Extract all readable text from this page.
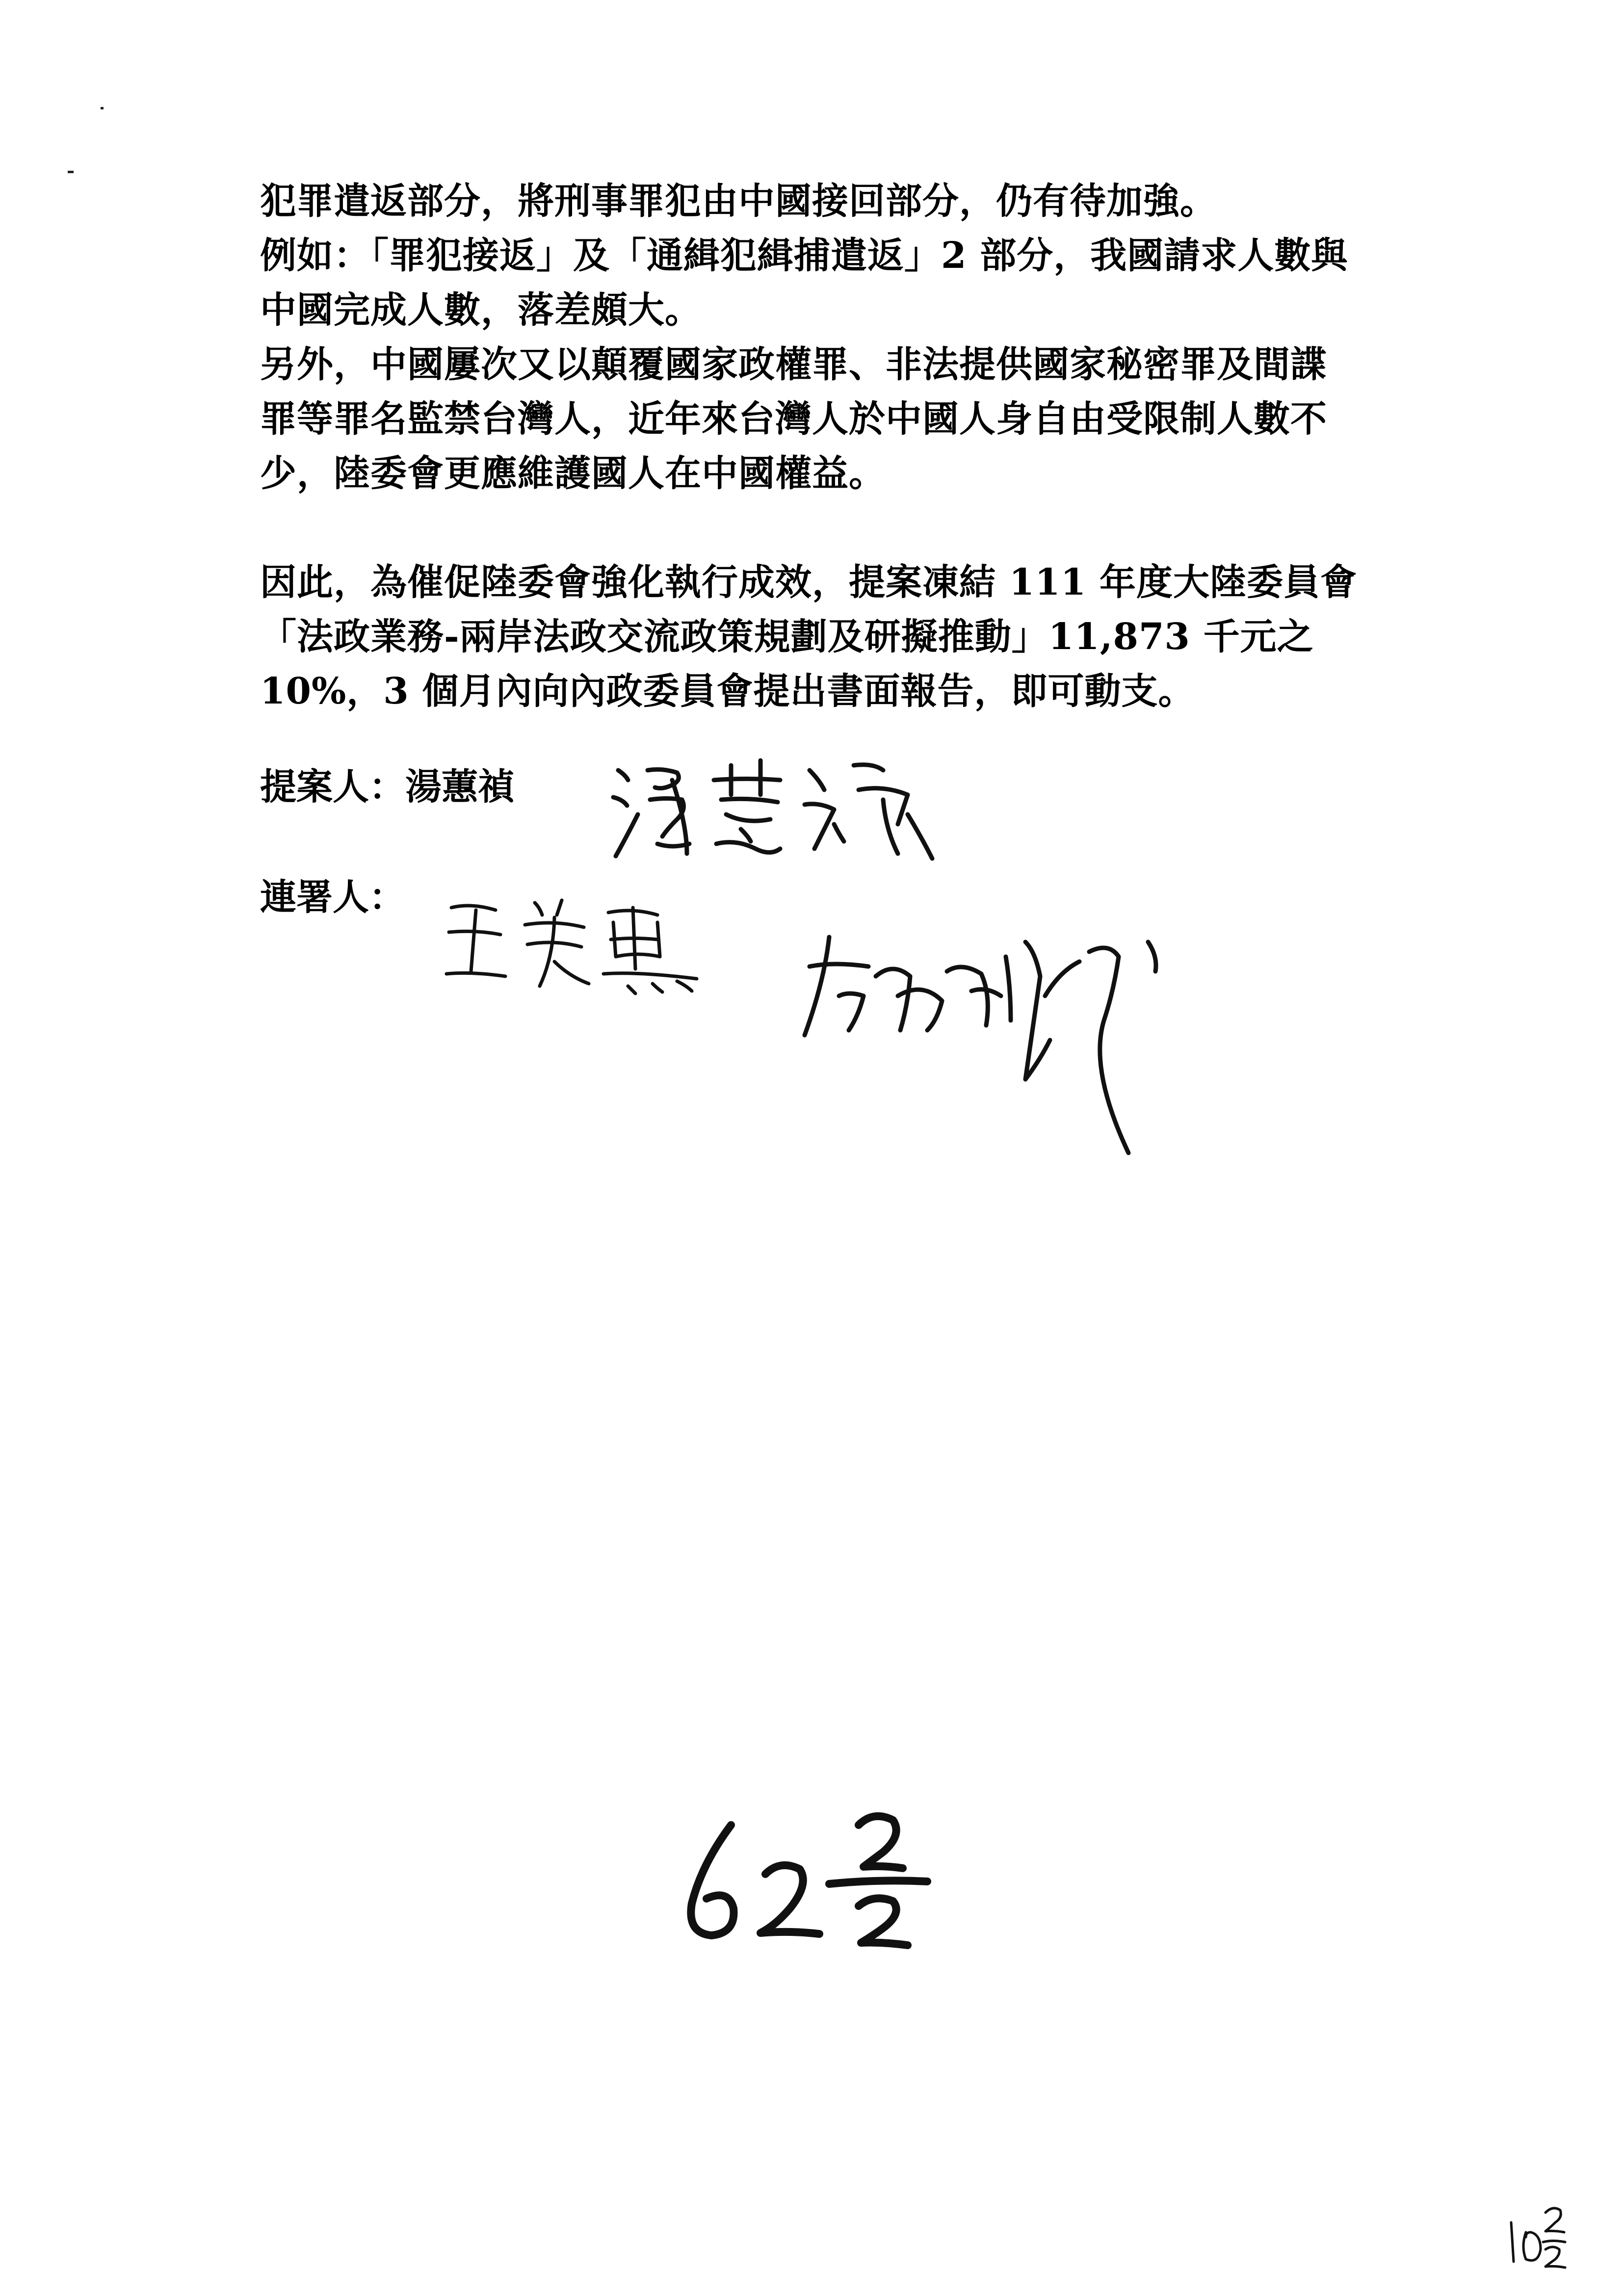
犯罪遣返部分，將刑事罪犯由中國接回部分，仍有待加強。
例如：「罪犯接返」及「通緝犯緝捕遣返」2 部分，我國請求人數與
中國完成人數，落差頗大。
另外，中國屢次又以顛覆國家政權罪、非法提供國家秘密罪及間諜
罪等罪名監禁台灣人，近年來台灣人於中國人身自由受限制人數不
少，陸委會更應維護國人在中國權益。
因此，為催促陸委會強化執行成效，提案凍結 111 年度大陸委員會
「法政業務-兩岸法政交流政策規劃及研擬推動」11,873 千元之
10%，3 個月內向內政委員會提出書面報告，即可動支。
提案人：湯蕙禎
連署人：
